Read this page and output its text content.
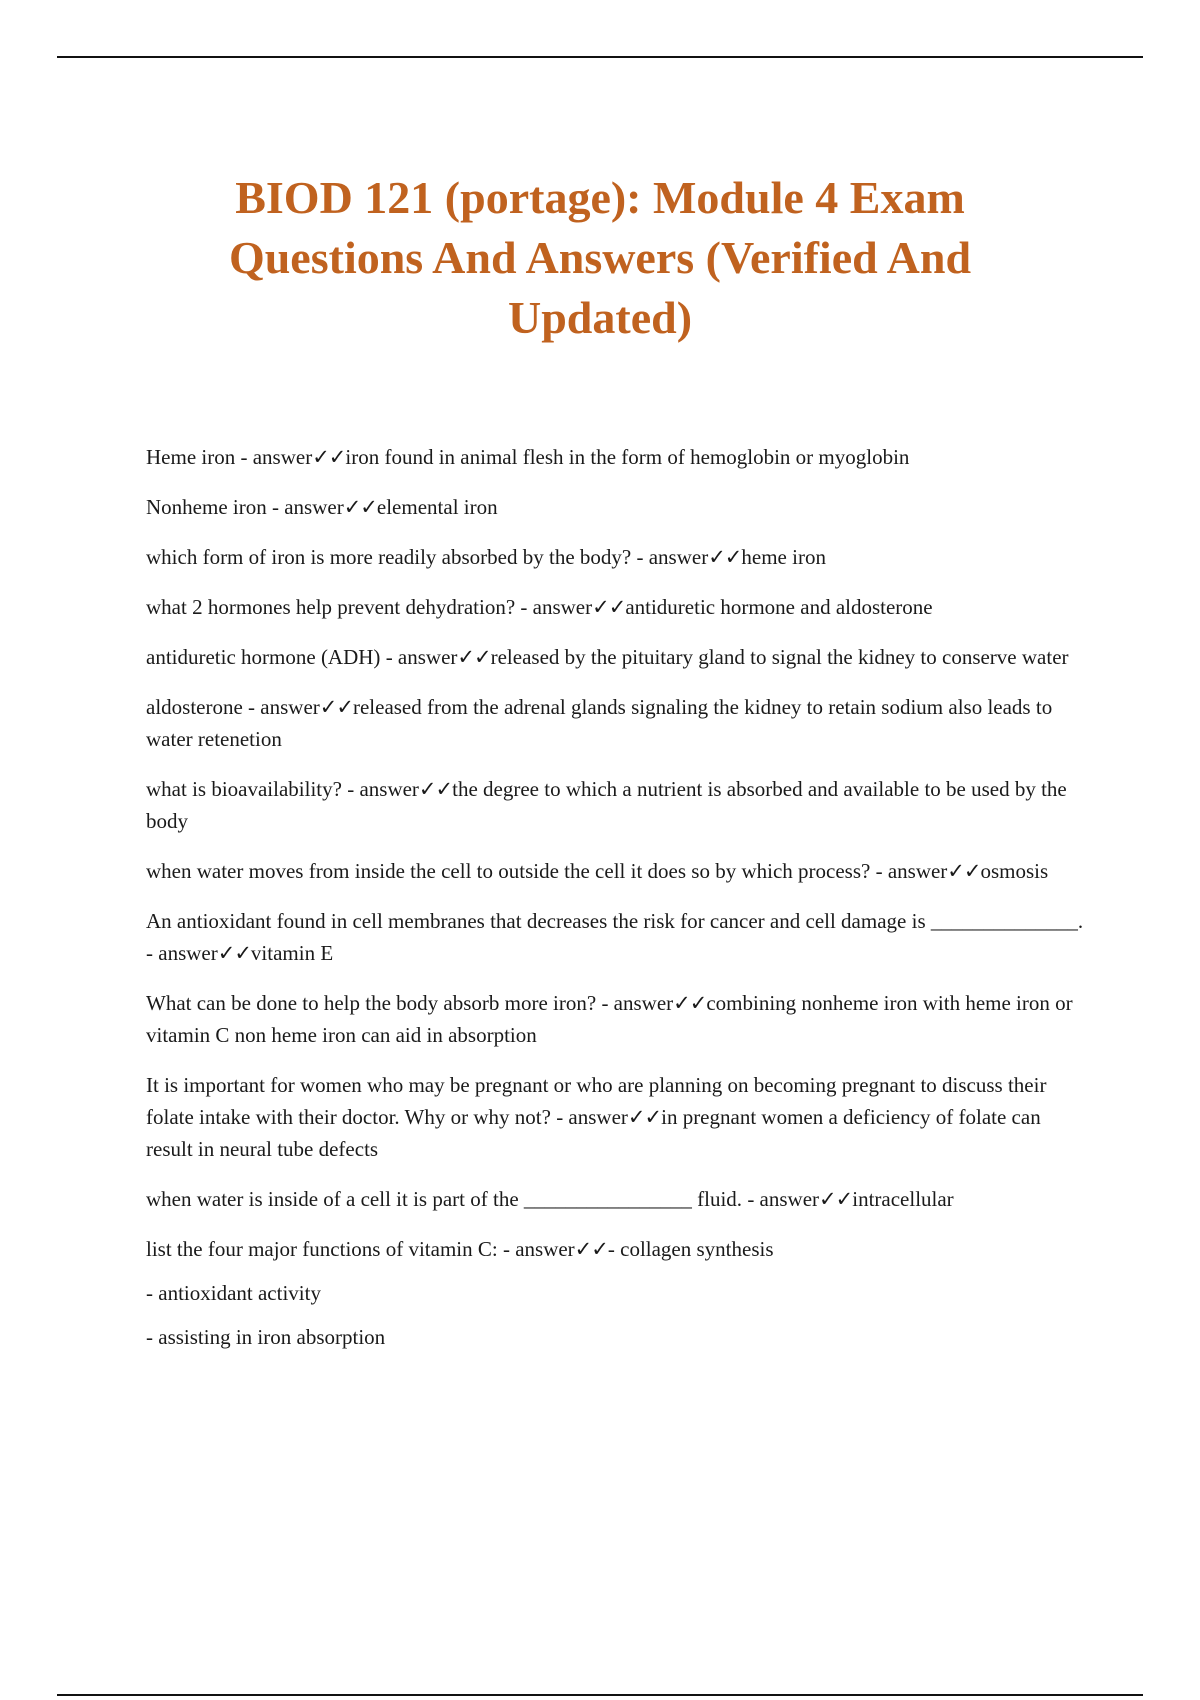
BIOD 121 (portage): Module 4 Exam Questions And Answers (Verified And Updated)

Heme iron - answer✓✓iron found in animal flesh in the form of hemoglobin or myoglobin

Nonheme iron - answer✓✓elemental iron

which form of iron is more readily absorbed by the body? - answer✓✓heme iron

what 2 hormones help prevent dehydration? - answer✓✓antiduretic hormone and aldosterone

antiduretic hormone (ADH) - answer✓✓released by the pituitary gland to signal the kidney to conserve water

aldosterone - answer✓✓released from the adrenal glands signaling the kidney to retain sodium also leads to water retenetion

what is bioavailability? - answer✓✓the degree to which a nutrient is absorbed and available to be used by the body

when water moves from inside the cell to outside the cell it does so by which process? - answer✓✓osmosis

An antioxidant found in cell membranes that decreases the risk for cancer and cell damage is ______________. - answer✓✓vitamin E

What can be done to help the body absorb more iron? - answer✓✓combining nonheme iron with heme iron or vitamin C non heme iron can aid in absorption

It is important for women who may be pregnant or who are planning on becoming pregnant to discuss their folate intake with their doctor. Why or why not? - answer✓✓in pregnant women a deficiency of folate can result in neural tube defects

when water is inside of a cell it is part of the ________________ fluid. - answer✓✓intracellular

list the four major functions of vitamin C: - answer✓✓- collagen synthesis

- antioxidant activity

- assisting in iron absorption
